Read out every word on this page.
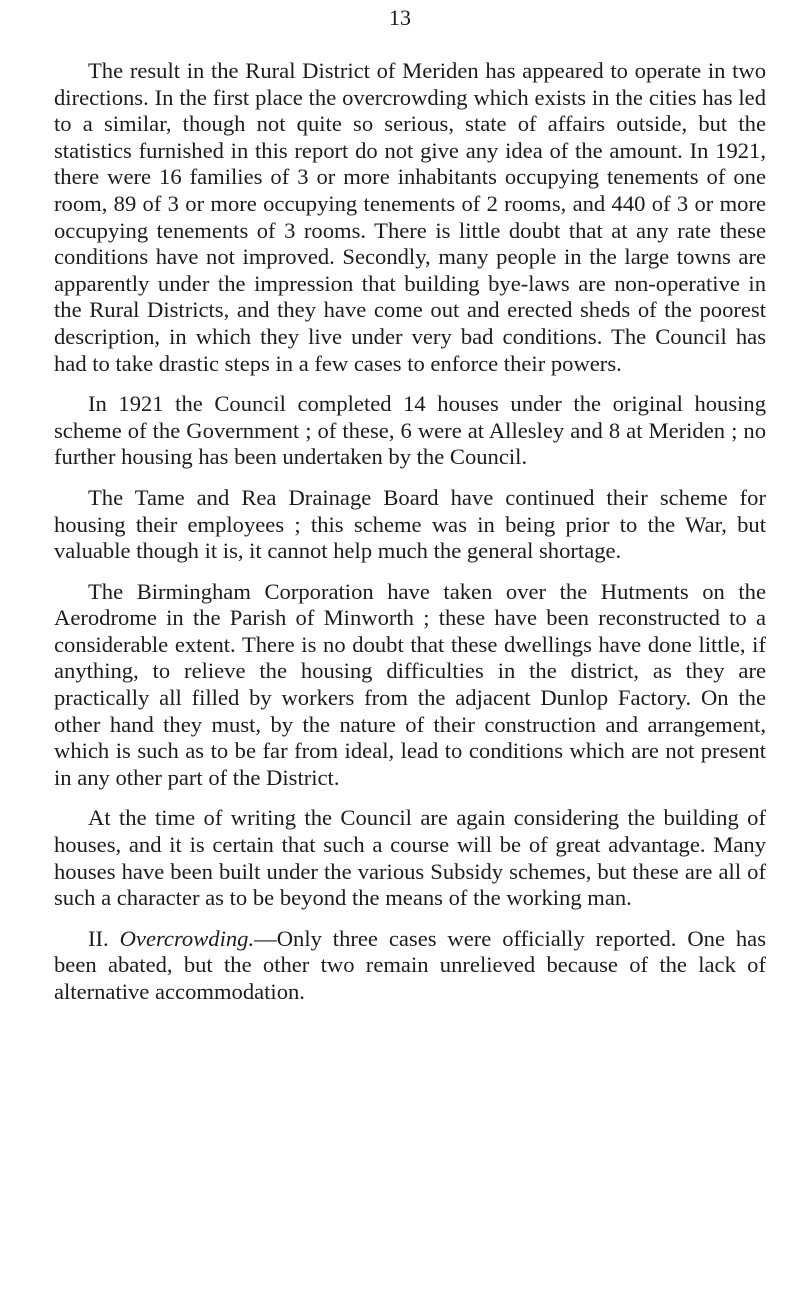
13

The result in the Rural District of Meriden has appeared to operate in two directions. In the first place the overcrowding which exists in the cities has led to a similar, though not quite so serious, state of affairs outside, but the statistics furnished in this report do not give any idea of the amount. In 1921, there were 16 families of 3 or more inhabitants occupying tenements of one room, 89 of 3 or more occupying tenements of 2 rooms, and 440 of 3 or more occupying tenements of 3 rooms. There is little doubt that at any rate these conditions have not improved. Secondly, many people in the large towns are apparently under the impression that building bye-laws are non-operative in the Rural Districts, and they have come out and erected sheds of the poorest description, in which they live under very bad conditions. The Council has had to take drastic steps in a few cases to enforce their powers.

In 1921 the Council completed 14 houses under the original housing scheme of the Government ; of these, 6 were at Allesley and 8 at Meriden ; no further housing has been undertaken by the Council.

The Tame and Rea Drainage Board have continued their scheme for housing their employees ; this scheme was in being prior to the War, but valuable though it is, it cannot help much the general shortage.

The Birmingham Corporation have taken over the Hutments on the Aerodrome in the Parish of Minworth ; these have been reconstructed to a considerable extent. There is no doubt that these dwellings have done little, if anything, to relieve the housing difficulties in the district, as they are practically all filled by workers from the adjacent Dunlop Factory. On the other hand they must, by the nature of their construction and arrangement, which is such as to be far from ideal, lead to conditions which are not present in any other part of the District.

At the time of writing the Council are again considering the building of houses, and it is certain that such a course will be of great advantage. Many houses have been built under the various Subsidy schemes, but these are all of such a character as to be beyond the means of the working man.

II. Overcrowding.—Only three cases were officially reported. One has been abated, but the other two remain unrelieved because of the lack of alternative accommodation.
